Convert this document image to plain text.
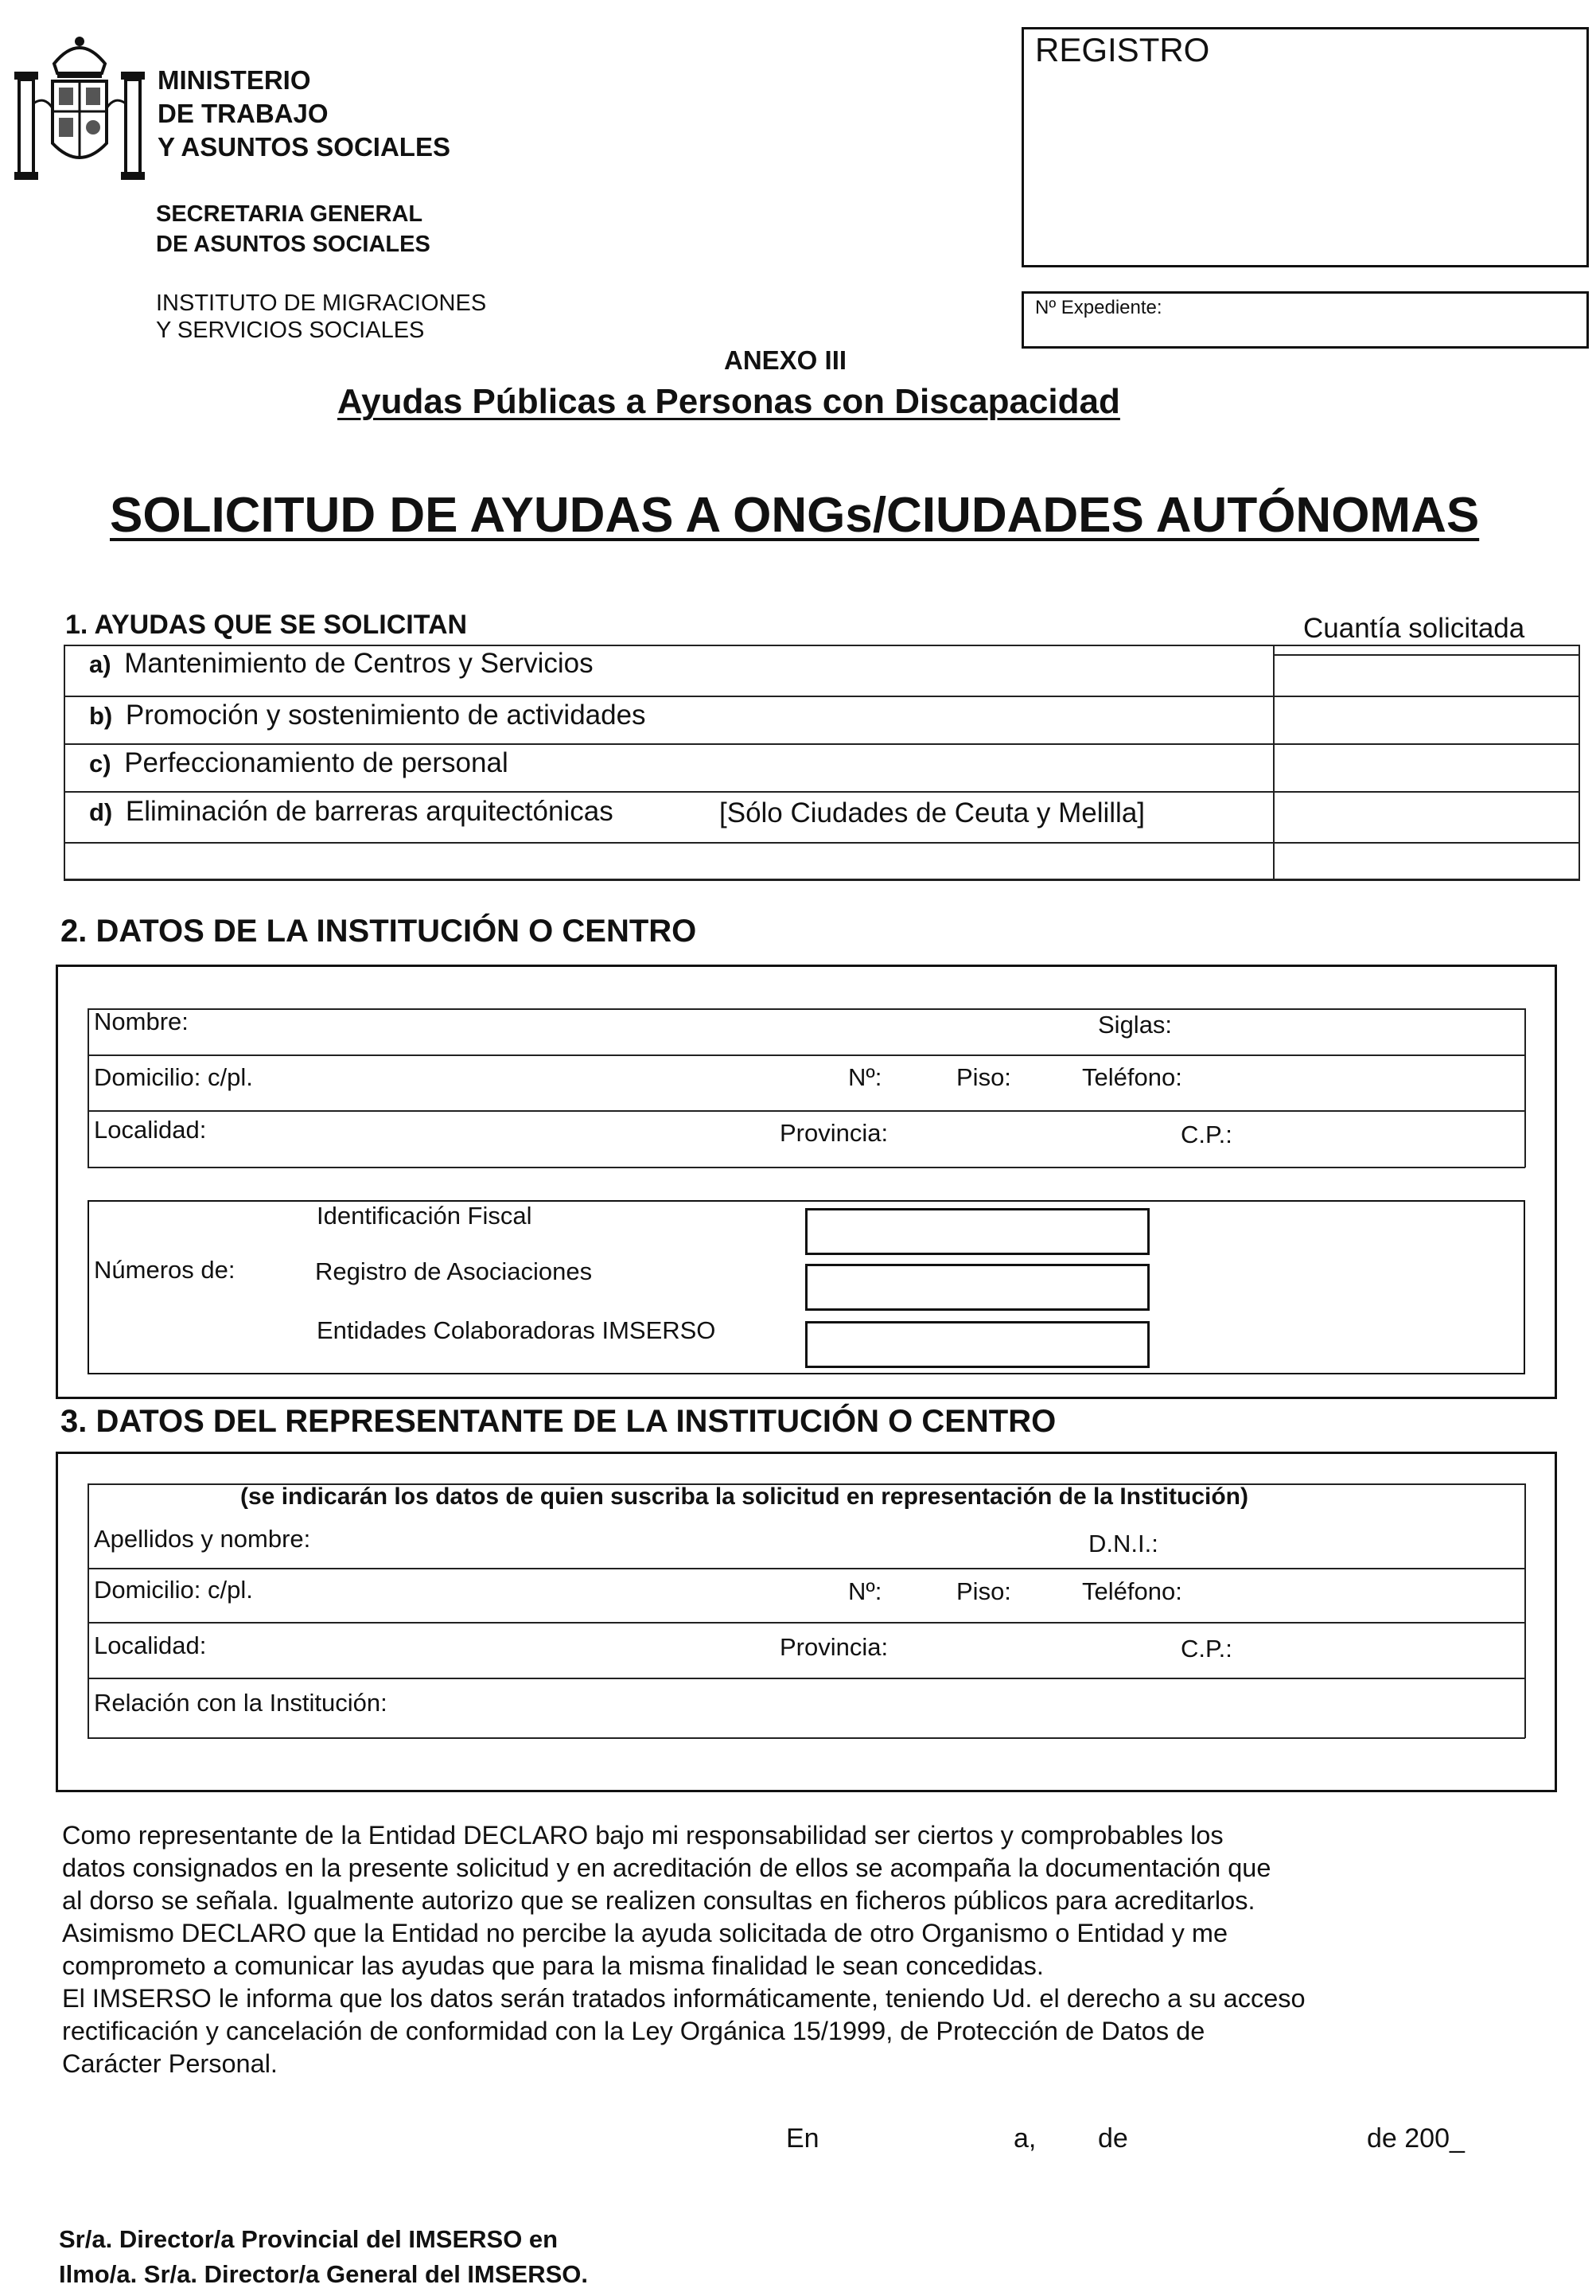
MINISTERIO
DE TRABAJO
Y ASUNTOS SOCIALES
SECRETARIA GENERAL
DE ASUNTOS SOCIALES
INSTITUTO DE MIGRACIONES
Y SERVICIOS SOCIALES
REGISTRO
Nº Expediente:
ANEXO III
Ayudas Públicas a Personas con Discapacidad
SOLICITUD DE AYUDAS A ONGs/CIUDADES AUTÓNOMAS
1. AYUDAS QUE SE SOLICITAN	Cuantía solicitada
a) Mantenimiento de Centros y Servicios
b) Promoción y sostenimiento de actividades
c) Perfeccionamiento de personal
d) Eliminación de barreras arquitectónicas	[Sólo Ciudades de Ceuta y Melilla]
2. DATOS DE LA INSTITUCIÓN O CENTRO
Nombre:	Siglas:
Domicilio: c/pl.	Nº:	Piso:	Teléfono:
Localidad:	Provincia:	C.P.:
Números de:
Identificación Fiscal
Registro de Asociaciones
Entidades Colaboradoras IMSERSO
3. DATOS DEL REPRESENTANTE DE LA INSTITUCIÓN O CENTRO
(se indicarán los datos de quien suscriba la solicitud en representación de la Institución)
Apellidos y nombre:	D.N.I.:
Domicilio: c/pl.	Nº:	Piso:	Teléfono:
Localidad:	Provincia:	C.P.:
Relación con la Institución:
Como representante de la Entidad DECLARO bajo mi responsabilidad ser ciertos y comprobables los
datos consignados en la presente solicitud y en acreditación de ellos se acompaña la documentación que
al dorso se señala. Igualmente autorizo que se realizen consultas en ficheros públicos para acreditarlos.
Asimismo DECLARO que la Entidad no percibe la ayuda solicitada de otro Organismo o Entidad y me
comprometo a comunicar las ayudas que para la misma finalidad le sean concedidas.
El IMSERSO le informa que los datos serán tratados informáticamente, teniendo Ud. el derecho a su acceso
rectificación y cancelación de conformidad con la Ley Orgánica 15/1999, de Protección de Datos de
Carácter Personal.
En	a, de	de 200_
Sr/a. Director/a Provincial del IMSERSO en
Ilmo/a. Sr/a. Director/a General del IMSERSO.
